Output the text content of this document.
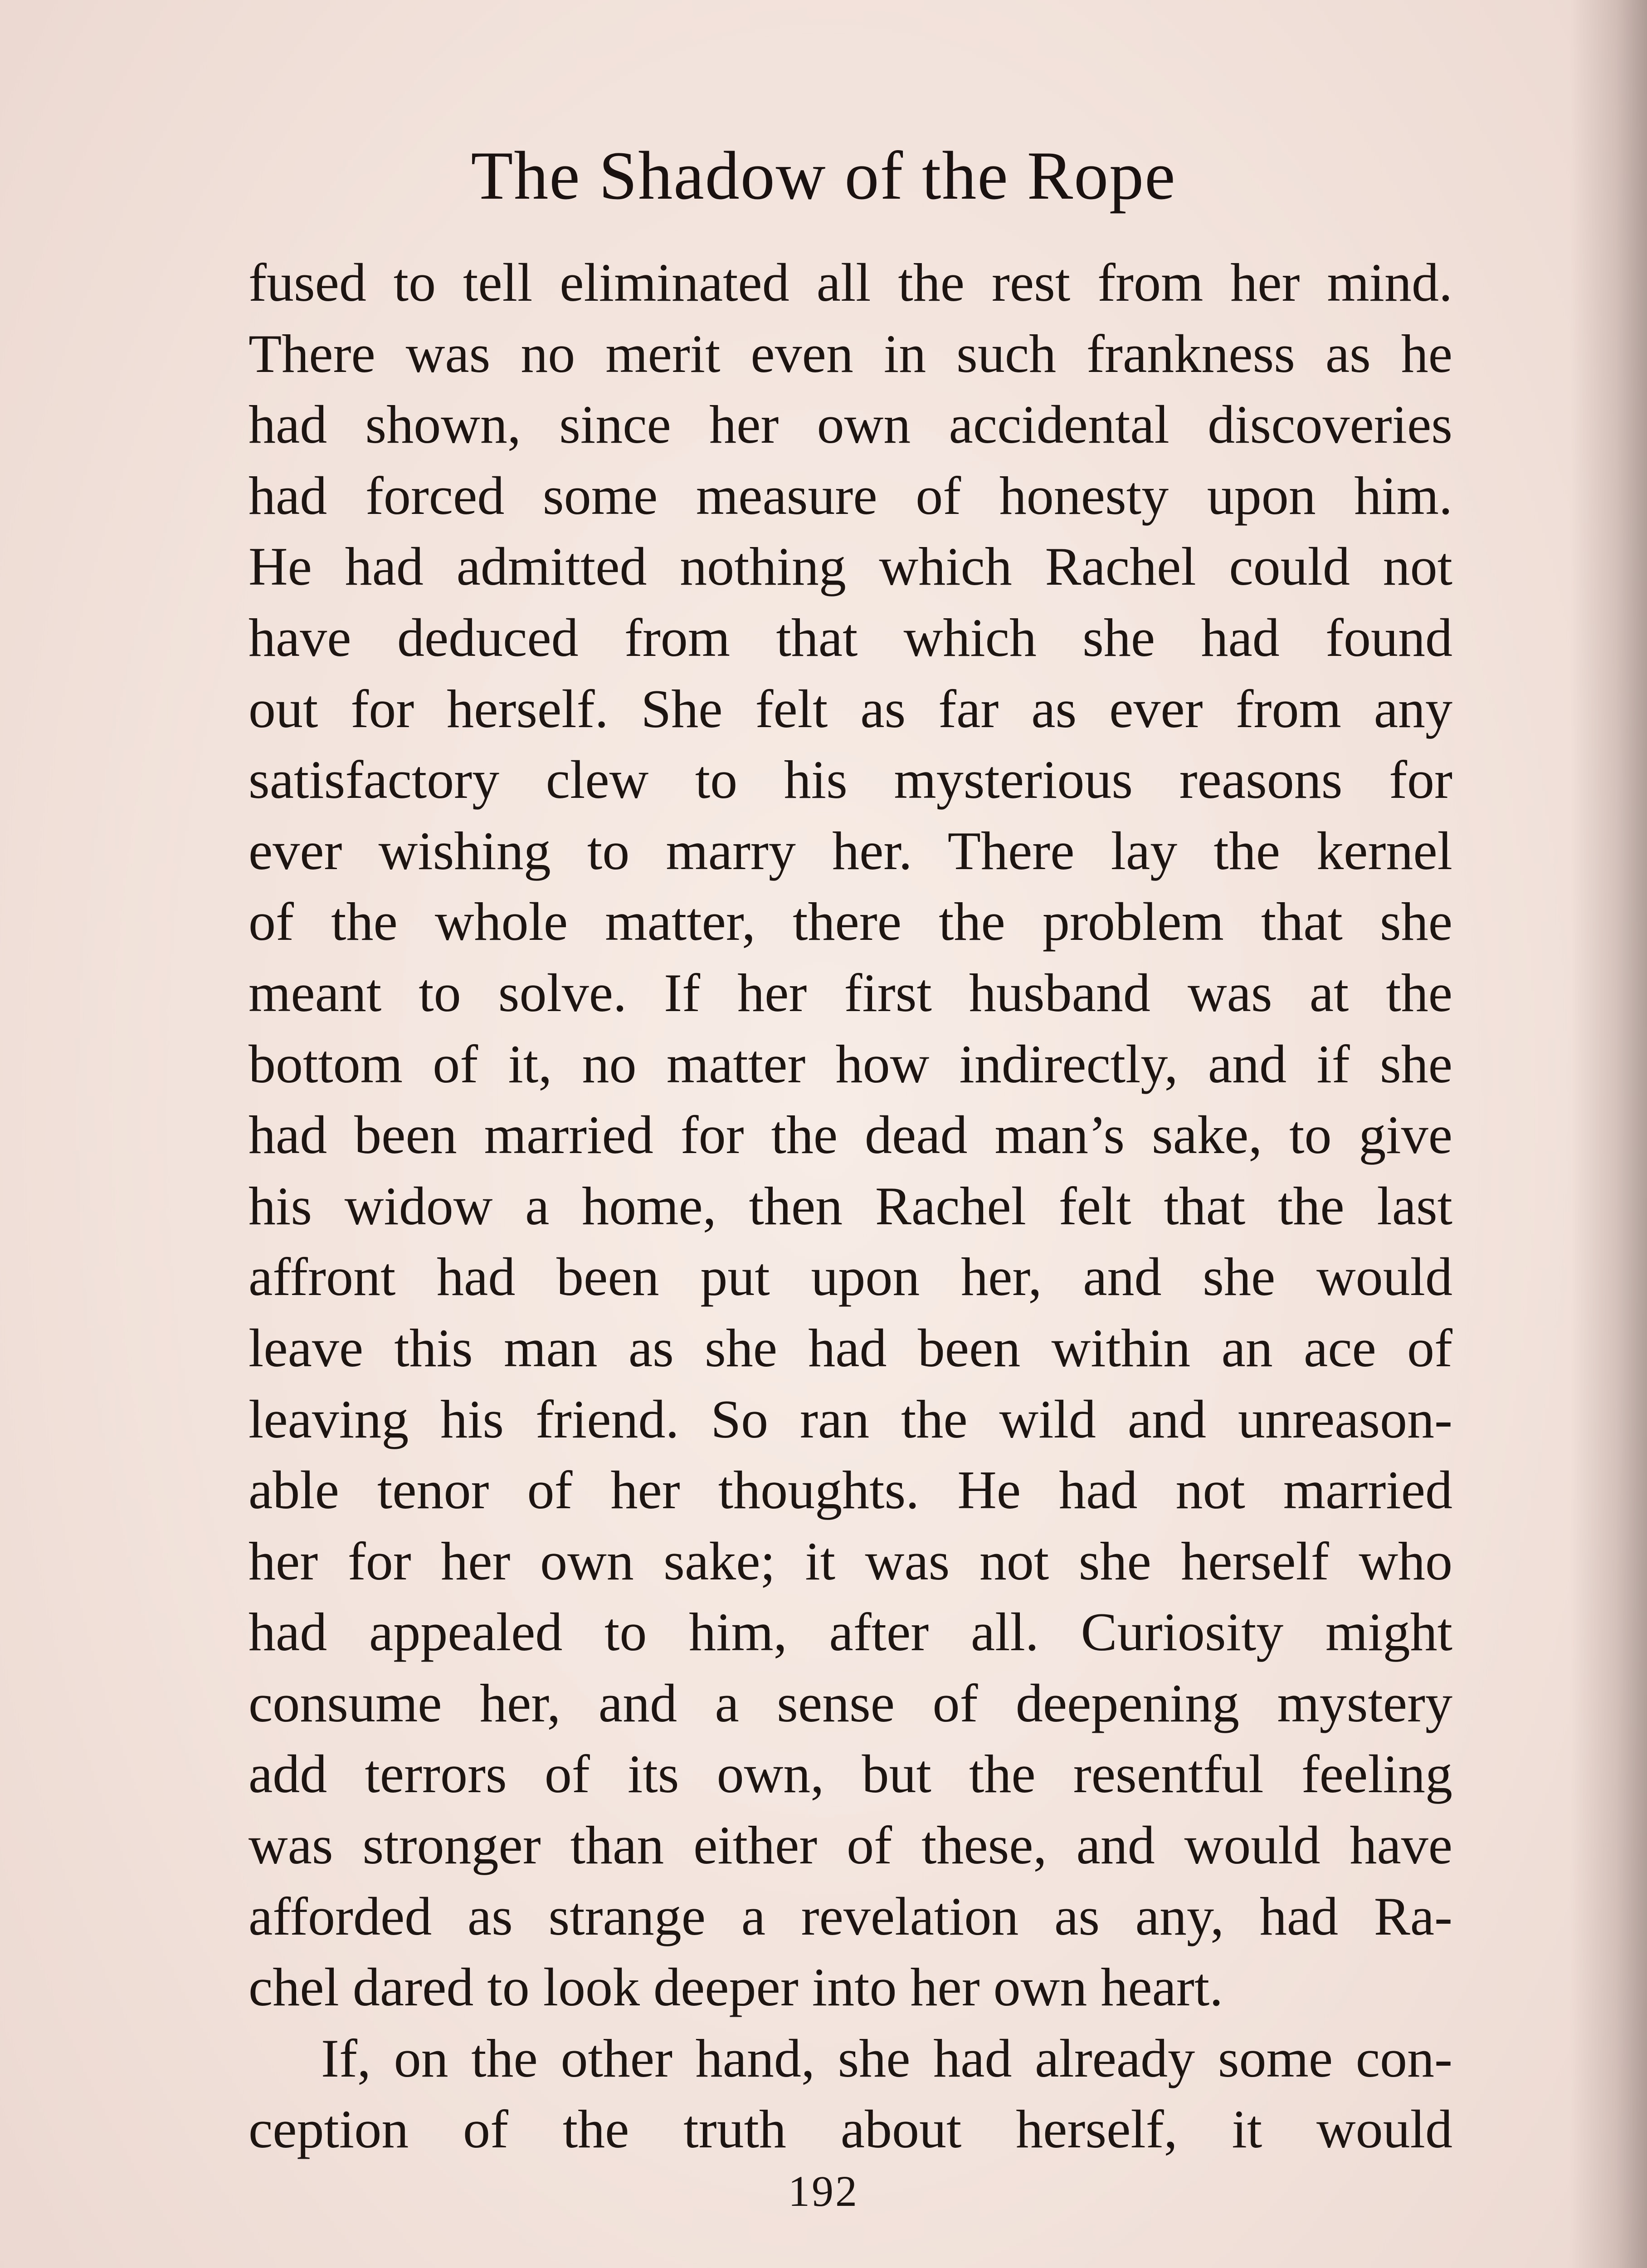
The Shadow of the Rope
fused to tell eliminated all the rest from her mind.
There was no merit even in such frankness as he
had shown, since her own accidental discoveries
had forced some measure of honesty upon him.
He had admitted nothing which Rachel could not
have deduced from that which she had found
out for herself. She felt as far as ever from any
satisfactory clew to his mysterious reasons for
ever wishing to marry her. There lay the kernel
of the whole matter, there the problem that she
meant to solve. If her first husband was at the
bottom of it, no matter how indirectly, and if she
had been married for the dead man’s sake, to give
his widow a home, then Rachel felt that the last
affront had been put upon her, and she would
leave this man as she had been within an ace of
leaving his friend. So ran the wild and unreason-
able tenor of her thoughts. He had not married
her for her own sake; it was not she herself who
had appealed to him, after all. Curiosity might
consume her, and a sense of deepening mystery
add terrors of its own, but the resentful feeling
was stronger than either of these, and would have
afforded as strange a revelation as any, had Ra-
chel dared to look deeper into her own heart.
If, on the other hand, she had already some con-
ception of the truth about herself, it would
192
